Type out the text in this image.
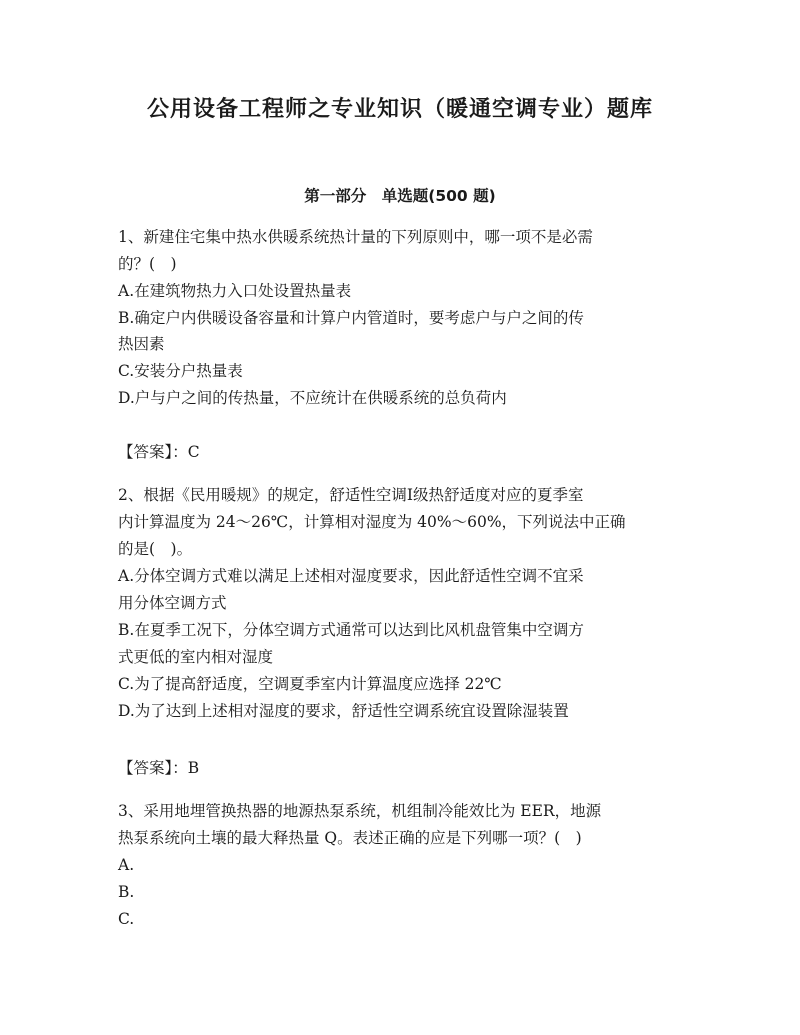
公用设备工程师之专业知识（暖通空调专业）题库
第一部分　单选题(500 题)
1、新建住宅集中热水供暖系统热计量的下列原则中，哪一项不是必需
的？(　)
A.在建筑物热力入口处设置热量表
B.确定户内供暖设备容量和计算户内管道时，要考虑户与户之间的传
热因素
C.安装分户热量表
D.户与户之间的传热量，不应统计在供暖系统的总负荷内
【答案】：C
2、根据《民用暖规》的规定，舒适性空调Ⅰ级热舒适度对应的夏季室
内计算温度为 24～26℃，计算相对湿度为 40%～60%，下列说法中正确
的是(　)。
A.分体空调方式难以满足上述相对湿度要求，因此舒适性空调不宜采
用分体空调方式
B.在夏季工况下，分体空调方式通常可以达到比风机盘管集中空调方
式更低的室内相对湿度
C.为了提高舒适度，空调夏季室内计算温度应选择 22℃
D.为了达到上述相对湿度的要求，舒适性空调系统宜设置除湿装置
【答案】：B
3、采用地埋管换热器的地源热泵系统，机组制冷能效比为 EER，地源
热泵系统向土壤的最大释热量 Q。表述正确的应是下列哪一项？(　)
A.
B.
C.
